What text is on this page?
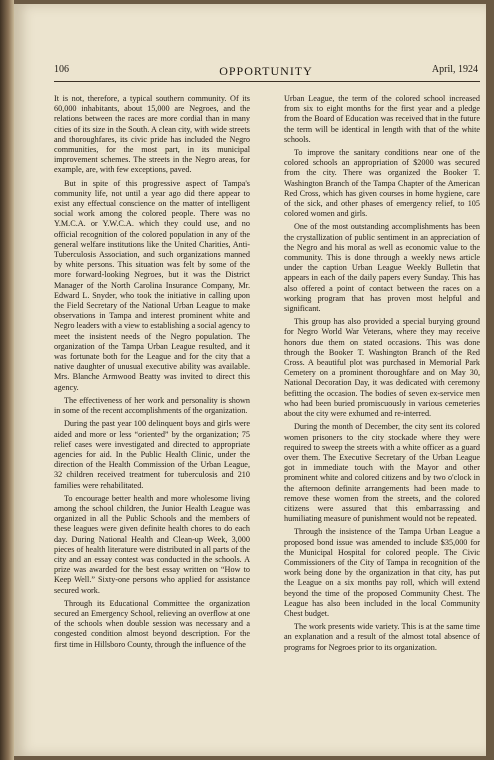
106	OPPORTUNITY	April, 1924

It is not, therefore, a typical southern community. Of its 60,000 inhabitants, about 15,000 are Negroes, and the relations between the races are more cordial than in many cities of its size in the South. A clean city, with wide streets and thoroughfares, its civic pride has included the Negro communities, for the most part, in its municipal improvement schemes. The streets in the Negro areas, for example, are, with few exceptions, paved.

But in spite of this progressive aspect of Tampa's community life, not until a year ago did there appear to exist any effectual conscience on the matter of intelligent social work among the colored people. There was no Y.M.C.A. or Y.W.C.A. which they could use, and no official recognition of the colored population in any of the general welfare institutions like the United Charities, Anti-Tuberculosis Association, and such organizations manned by white persons. This situation was felt by some of the more forward-looking Negroes, but it was the District Manager of the North Carolina Insurance Company, Mr. Edward L. Snyder, who took the initiative in calling upon the Field Secretary of the National Urban League to make observations in Tampa and interest prominent white and Negro leaders with a view to establishing a social agency to meet the insistent needs of the Negro population. The organization of the Tampa Urban League resulted, and it was fortunate both for the League and for the city that a native daughter of unusual executive ability was available. Mrs. Blanche Armwood Beatty was invited to direct this agency.

The effectiveness of her work and personality is shown in some of the recent accomplishments of the organization.

During the past year 100 delinquent boys and girls were aided and more or less “oriented” by the organization; 75 relief cases were investigated and directed to appropriate agencies for aid. In the Public Health Clinic, under the direction of the Health Commission of the Urban League, 32 children received treatment for tuberculosis and 210 families were rehabilitated.

To encourage better health and more wholesome living among the school children, the Junior Health League was organized in all the Public Schools and the members of these leagues were given definite health chores to do each day. During National Health and Clean-up Week, 3,000 pieces of health literature were distributed in all parts of the city and an essay contest was conducted in the schools. A prize was awarded for the best essay written on “How to Keep Well.” Sixty-one persons who applied for assistance secured work.

Through its Educational Committee the organization secured an Emergency School, relieving an overflow at one of the schools when double session was necessary and a congested condition almost beyond description. For the first time in Hillsboro County, through the influence of the

Urban League, the term of the colored school increased from six to eight months for the first year and a pledge from the Board of Education was received that in the future the term will be identical in length with that of the white schools.

To improve the sanitary conditions near one of the colored schools an appropriation of $2000 was secured from the city. There was organized the Booker T. Washington Branch of the Tampa Chapter of the American Red Cross, which has given courses in home hygiene, care of the sick, and other phases of emergency relief, to 105 colored women and girls.

One of the most outstanding accomplishments has been the crystallization of public sentiment in an appreciation of the Negro and his moral as well as economic value to the community. This is done through a weekly news article under the caption Urban League Weekly Bulletin that appears in each of the daily papers every Sunday. This has also offered a point of contact between the races on a working program that has proven most helpful and significant.

This group has also provided a special burying ground for Negro World War Veterans, where they may receive honors due them on stated occasions. This was done through the Booker T. Washington Branch of the Red Cross. A beautiful plot was purchased in Memorial Park Cemetery on a prominent thoroughfare and on May 30, National Decoration Day, it was dedicated with ceremony befitting the occasion. The bodies of seven ex-service men who had been buried promiscuously in various cemeteries about the city were exhumed and re-interred.

During the month of December, the city sent its colored women prisoners to the city stockade where they were required to sweep the streets with a white officer as a guard over them. The Executive Secretary of the Urban League got in immediate touch with the Mayor and other prominent white and colored citizens and by two o'clock in the afternoon definite arrangements had been made to remove these women from the streets, and the colored citizens were assured that this embarrassing and humiliating measure of punishment would not be repeated.

Through the insistence of the Tampa Urban League a proposed bond issue was amended to include $35,000 for the Municipal Hospital for colored people. The Civic Commissioners of the City of Tampa in recognition of the work being done by the organization in that city, has put the League on a six months pay roll, which will extend beyond the time of the proposed Community Chest. The League has also been included in the local Community Chest budget.

The work presents wide variety. This is at the same time an explanation and a result of the almost total absence of programs for Negroes prior to its organization.
